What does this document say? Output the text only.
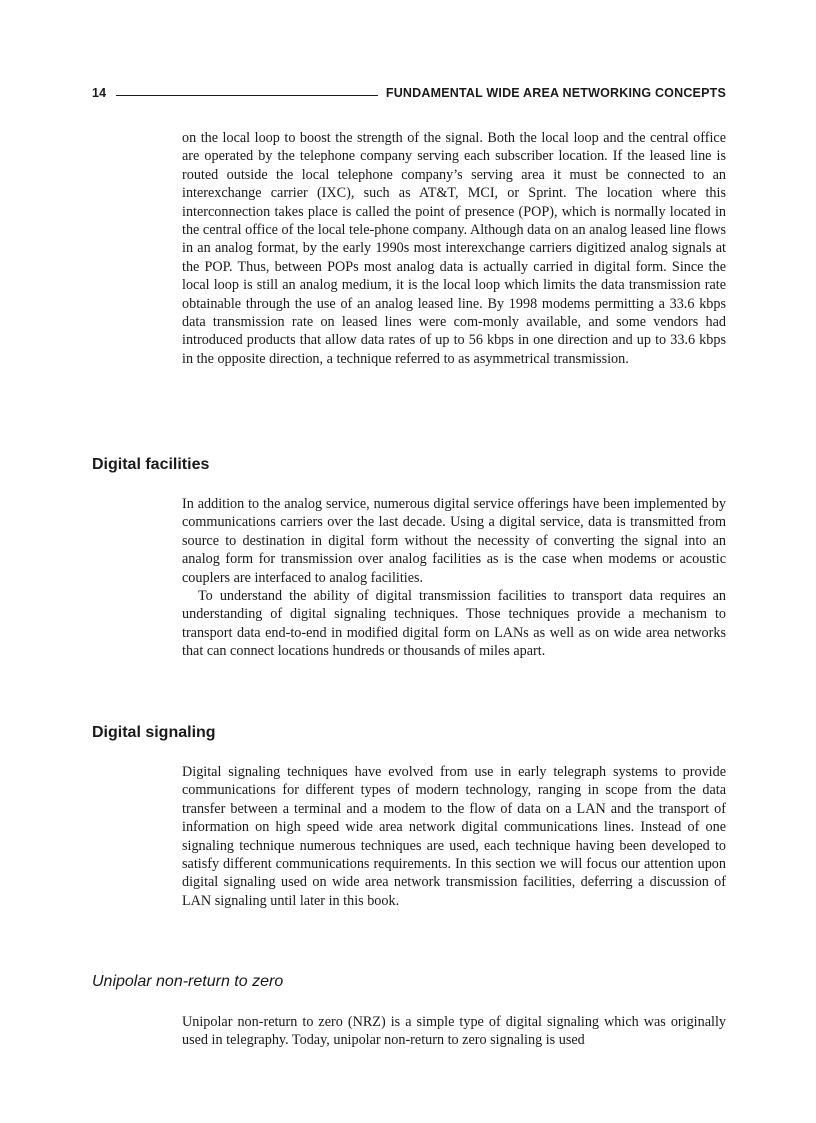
14	FUNDAMENTAL WIDE AREA NETWORKING CONCEPTS

on the local loop to boost the strength of the signal. Both the local loop and the central office are operated by the telephone company serving each subscriber location. If the leased line is routed outside the local telephone company’s serving area it must be connected to an interexchange carrier (IXC), such as AT&T, MCI, or Sprint. The location where this interconnection takes place is called the point of presence (POP), which is normally located in the central office of the local tele-phone company. Although data on an analog leased line flows in an analog format, by the early 1990s most interexchange carriers digitized analog signals at the POP. Thus, between POPs most analog data is actually carried in digital form. Since the local loop is still an analog medium, it is the local loop which limits the data transmission rate obtainable through the use of an analog leased line. By 1998 modems permitting a 33.6 kbps data transmission rate on leased lines were com-monly available, and some vendors had introduced products that allow data rates of up to 56 kbps in one direction and up to 33.6 kbps in the opposite direction, a technique referred to as asymmetrical transmission.

Digital facilities

In addition to the analog service, numerous digital service offerings have been implemented by communications carriers over the last decade. Using a digital service, data is transmitted from source to destination in digital form without the necessity of converting the signal into an analog form for transmission over analog facilities as is the case when modems or acoustic couplers are interfaced to analog facilities.

To understand the ability of digital transmission facilities to transport data requires an understanding of digital signaling techniques. Those techniques provide a mechanism to transport data end-to-end in modified digital form on LANs as well as on wide area networks that can connect locations hundreds or thousands of miles apart.

Digital signaling

Digital signaling techniques have evolved from use in early telegraph systems to provide communications for different types of modern technology, ranging in scope from the data transfer between a terminal and a modem to the flow of data on a LAN and the transport of information on high speed wide area network digital communications lines. Instead of one signaling technique numerous techniques are used, each technique having been developed to satisfy different communications requirements. In this section we will focus our attention upon digital signaling used on wide area network transmission facilities, deferring a discussion of LAN signaling until later in this book.

Unipolar non-return to zero

Unipolar non-return to zero (NRZ) is a simple type of digital signaling which was originally used in telegraphy. Today, unipolar non-return to zero signaling is used
